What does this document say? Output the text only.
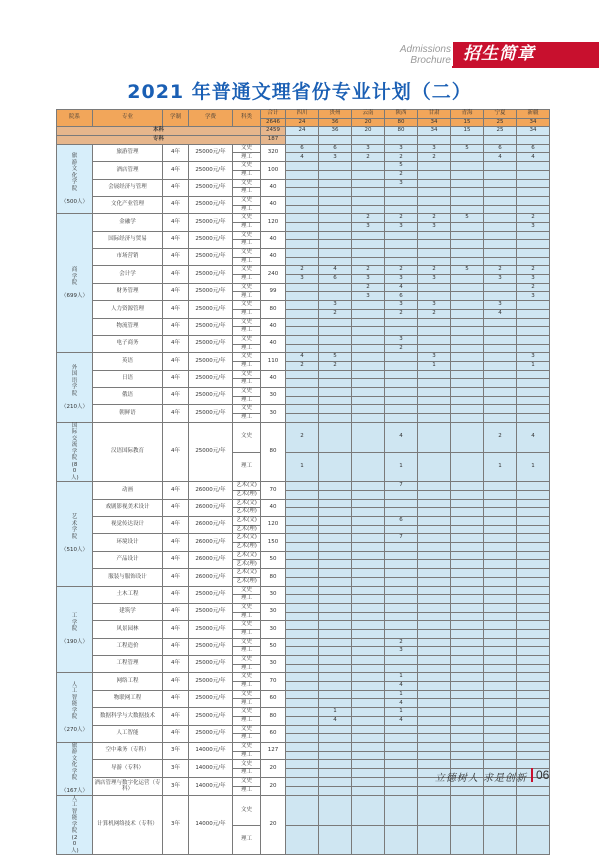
Admissions
Brochure 招生简章
2021 年普通文理省份专业计划（二）
院系	专业	学制	学费	科类	合计	四川	贵州	云南	陕西	甘肃	青海	宁夏	新疆
					2646	24	36	20	80	34	15	25	34
本科					2459	24	36	20	80	34	15	25	34
专科					187								
旅游文化学院

（500人）	旅游管理	4年	25000元/年	文史	320	6	6	3	3	3	5	6	6
				理工		4	3	2	2	2		4	4
	酒店管理	4年	25000元/年	文史	100				5				
				理工					2				
	会展经济与管理	4年	25000元/年	文史	40				3				
				理工									
	文化产业管理	4年	25000元/年	文史	40								
				理工									
商学院

（699人）	金融学	4年	25000元/年	文史	120			2	2	2	5		2
				理工				3	3	3			3
	国际经济与贸易	4年	25000元/年	文史	40								
				理工									
	市场营销	4年	25000元/年	文史	40								
				理工									
	会计学	4年	25000元/年	文史	240	2	4	2	2	2	5	2	2
				理工		3	6	3	3	3		3	3
	财务管理	4年	25000元/年	文史	99			2	4				2
				理工				3	6				3
	人力资源管理	4年	25000元/年	文史	80		3		3	3		3	
				理工			2		2	2		4	
	物流管理	4年	25000元/年	文史	40								
				理工									
	电子商务	4年	25000元/年	文史	40				3				
				理工					2				
外国语学院

（210人）	英语	4年	25000元/年	文史	110	4	5			3			3
				理工		2	2			1			1
	日语	4年	25000元/年	文史	40								
				理工									
	俄语	4年	25000元/年	文史	30								
				理工									
	朝鲜语	4年	25000元/年	文史	30								
				理工									
国际交流学院(80人)	汉语国际教育	4年	25000元/年	文史	80	2			4			2	4
				理工		1			1			1	1
艺术学院

（510人）	动画	4年	26000元/年	艺术(文)	70				7				
				艺术(理)									
	戏剧影视美术设计	4年	26000元/年	艺术(文)	40								
				艺术(理)									
	视觉传达设计	4年	26000元/年	艺术(文)	120				6				
				艺术(理)									
	环境设计	4年	26000元/年	艺术(文)	150				7				
				艺术(理)									
	产品设计	4年	26000元/年	艺术(文)	50								
				艺术(理)									
	服装与服饰设计	4年	26000元/年	艺术(文)	80								
				艺术(理)									
工学院

（190人）	土木工程	4年	25000元/年	文史	30								
				理工									
	建筑学	4年	25000元/年	文史	30								
				理工									
	风景园林	4年	25000元/年	文史	30								
				理工									
	工程造价	4年	25000元/年	文史	50				2				
				理工					3				
	工程管理	4年	25000元/年	文史	30								
				理工									
人工智能学院

（270人）	网络工程	4年	25000元/年	文史	70				1				
				理工					4				
	物联网工程	4年	25000元/年	文史	60				1				
				理工					4				
	数据科学与大数据技术	4年	25000元/年	文史	80		1		1				
				理工			4		4				
	人工智能	4年	25000元/年	文史	60								
				理工									
旅游文化学院

（167人）	空中乘务（专科）	3年	14000元/年	文史	127								
				理工									
	导游（专科）	3年	14000元/年	文史	20								
				理工									
	酒店管理与数字化运营（专科）	3年	14000元/年	文史	20								
				理工									
人工智能学院(20人)	计算机网络技术（专科）	3年	14000元/年	文史	20								
				理工									
立德树人 求是创新 06
